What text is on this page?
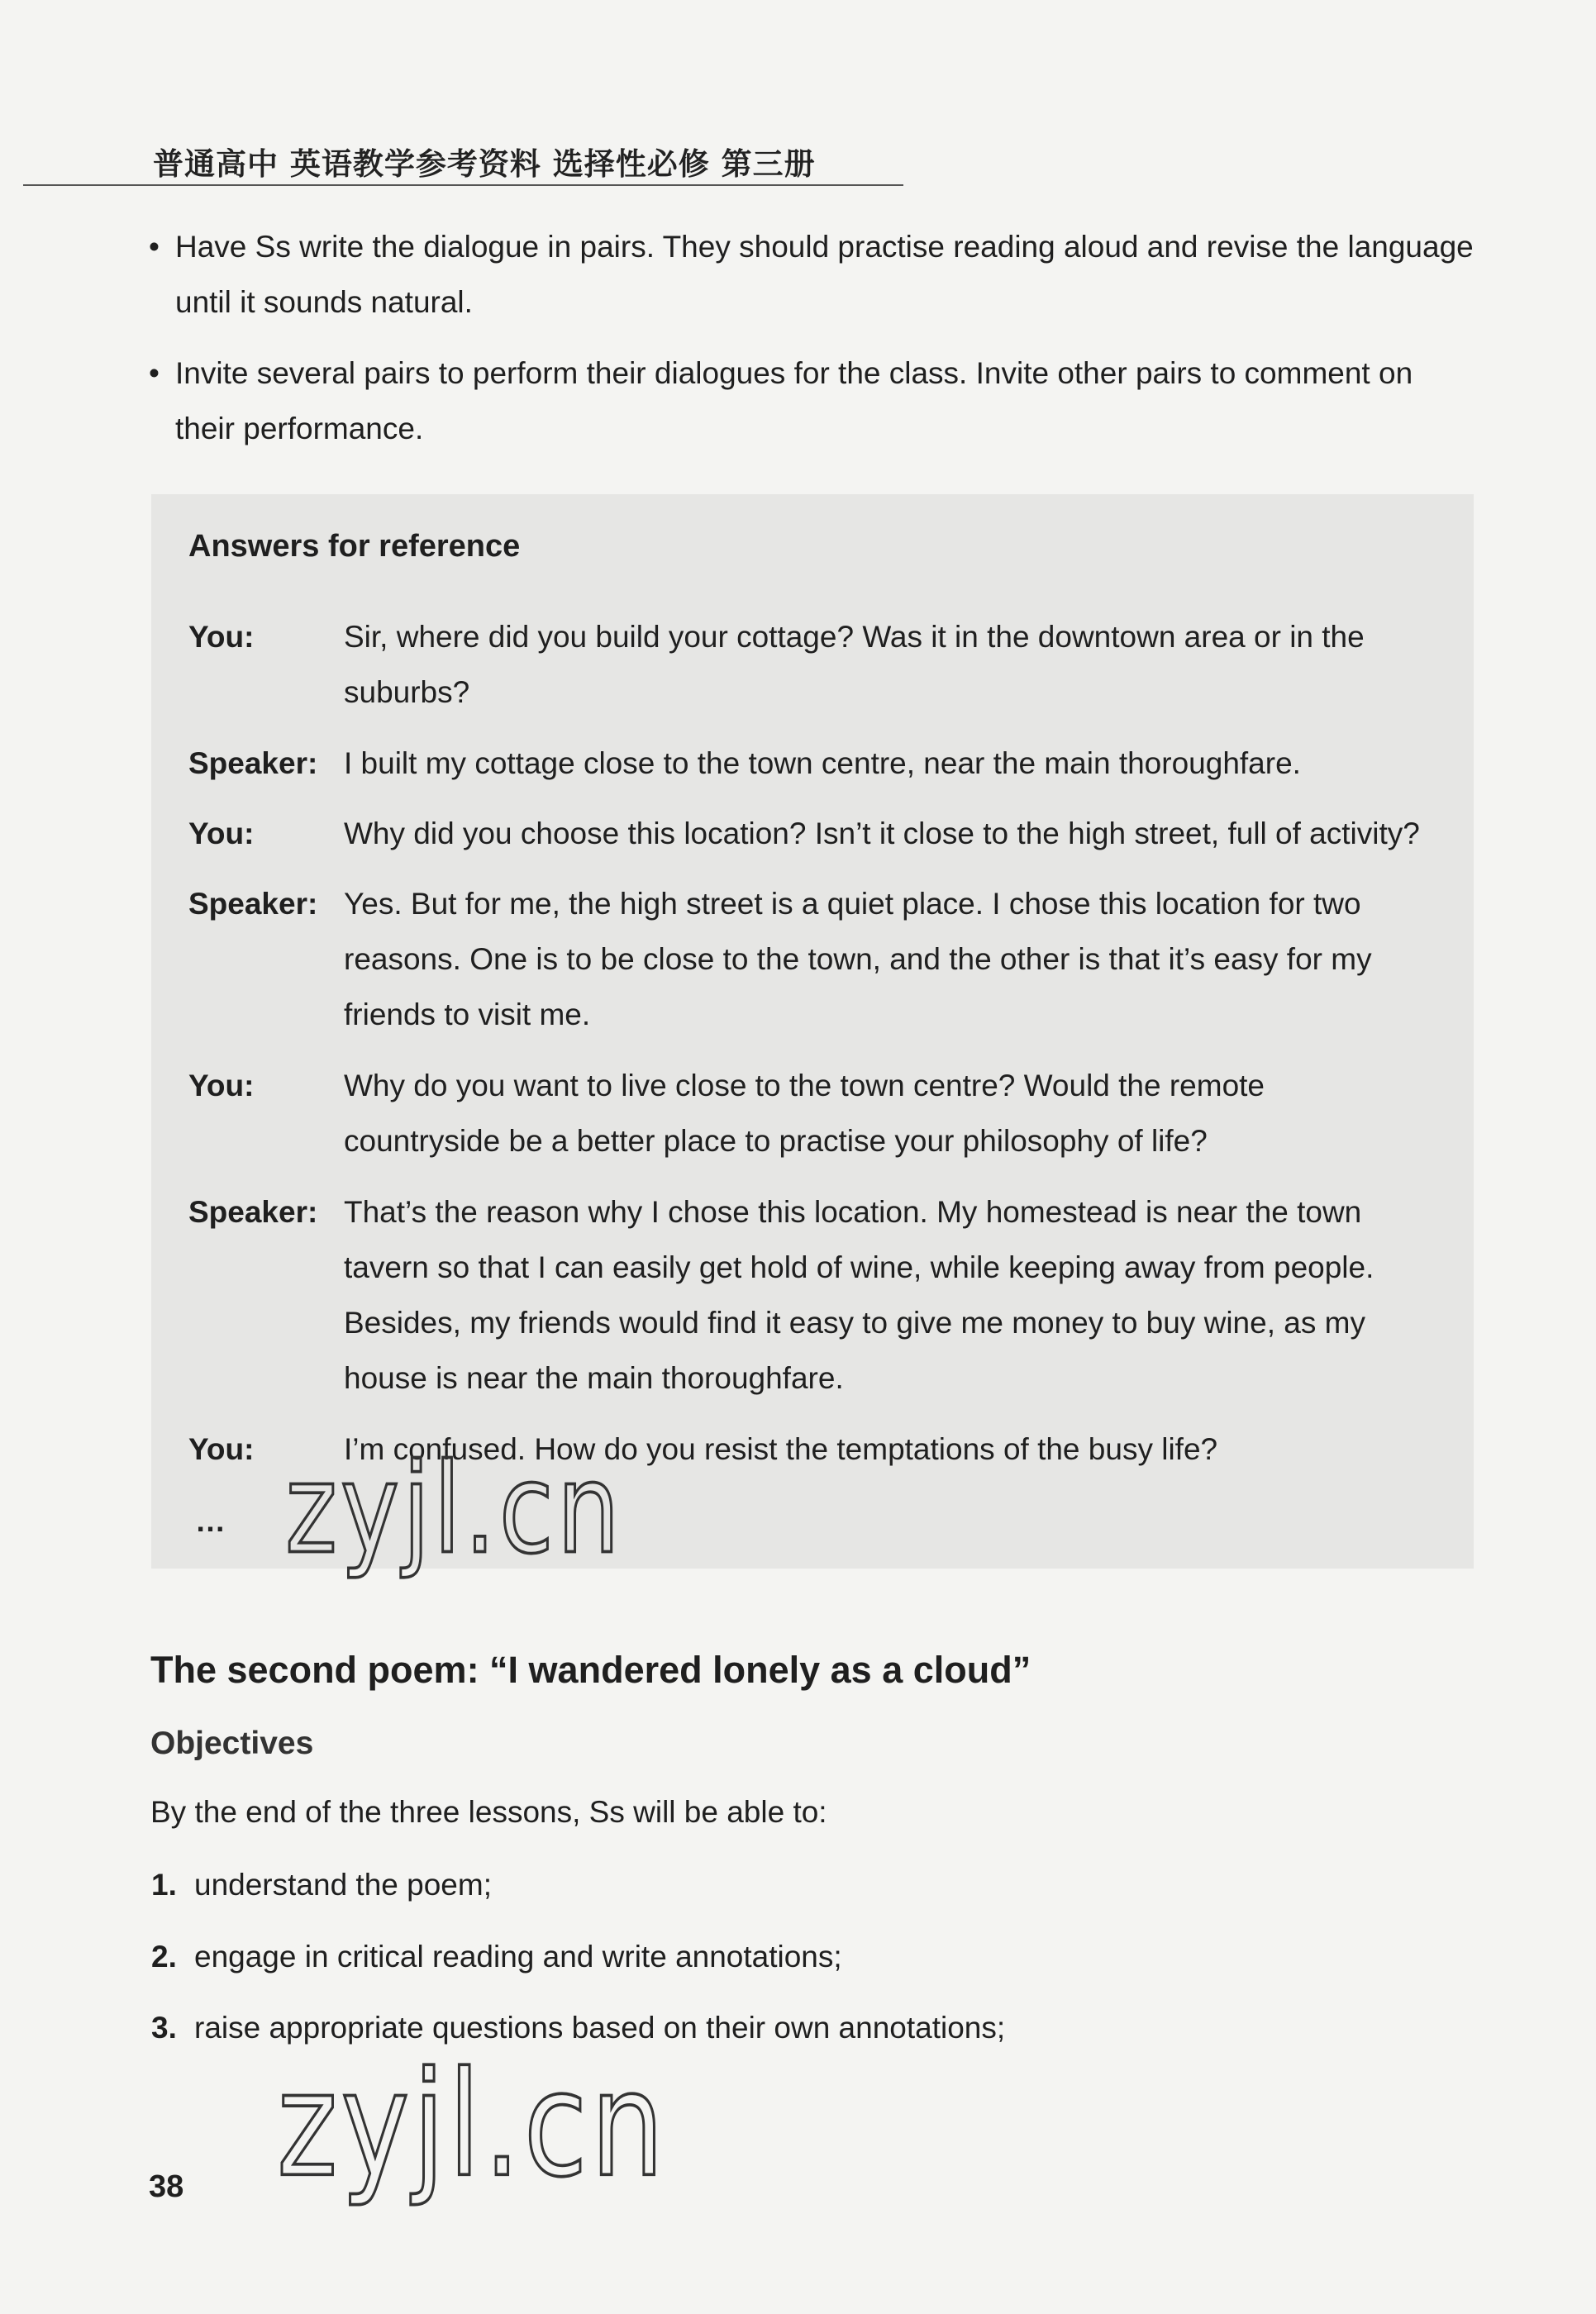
普通高中 英语教学参考资料 选择性必修 第三册
• Have Ss write the dialogue in pairs. They should practise reading aloud and revise the language
until it sounds natural.
• Invite several pairs to perform their dialogues for the class. Invite other pairs to comment on
their performance.
Answers for reference
You:	Sir, where did you build your cottage? Was it in the downtown area or in the
suburbs?
Speaker: I built my cottage close to the town centre, near the main thoroughfare.
You:	Why did you choose this location? Isn’t it close to the high street, full of activity?
Speaker: Yes. But for me, the high street is a quiet place. I chose this location for two
reasons. One is to be close to the town, and the other is that it’s easy for my
friends to visit me.
You:	Why do you want to live close to the town centre? Would the remote
countryside be a better place to practise your philosophy of life?
Speaker: That’s the reason why I chose this location. My homestead is near the town
tavern so that I can easily get hold of wine, while keeping away from people.
Besides, my friends would find it easy to give me money to buy wine, as my
house is near the main thoroughfare.
You:	I’m confused. How do you resist the temptations of the busy life?
…
The second poem: “I wandered lonely as a cloud”
Objectives
By the end of the three lessons, Ss will be able to:
1. understand the poem;
2. engage in critical reading and write annotations;
3. raise appropriate questions based on their own annotations;
38
zyjl.cn
zyjl.cn
